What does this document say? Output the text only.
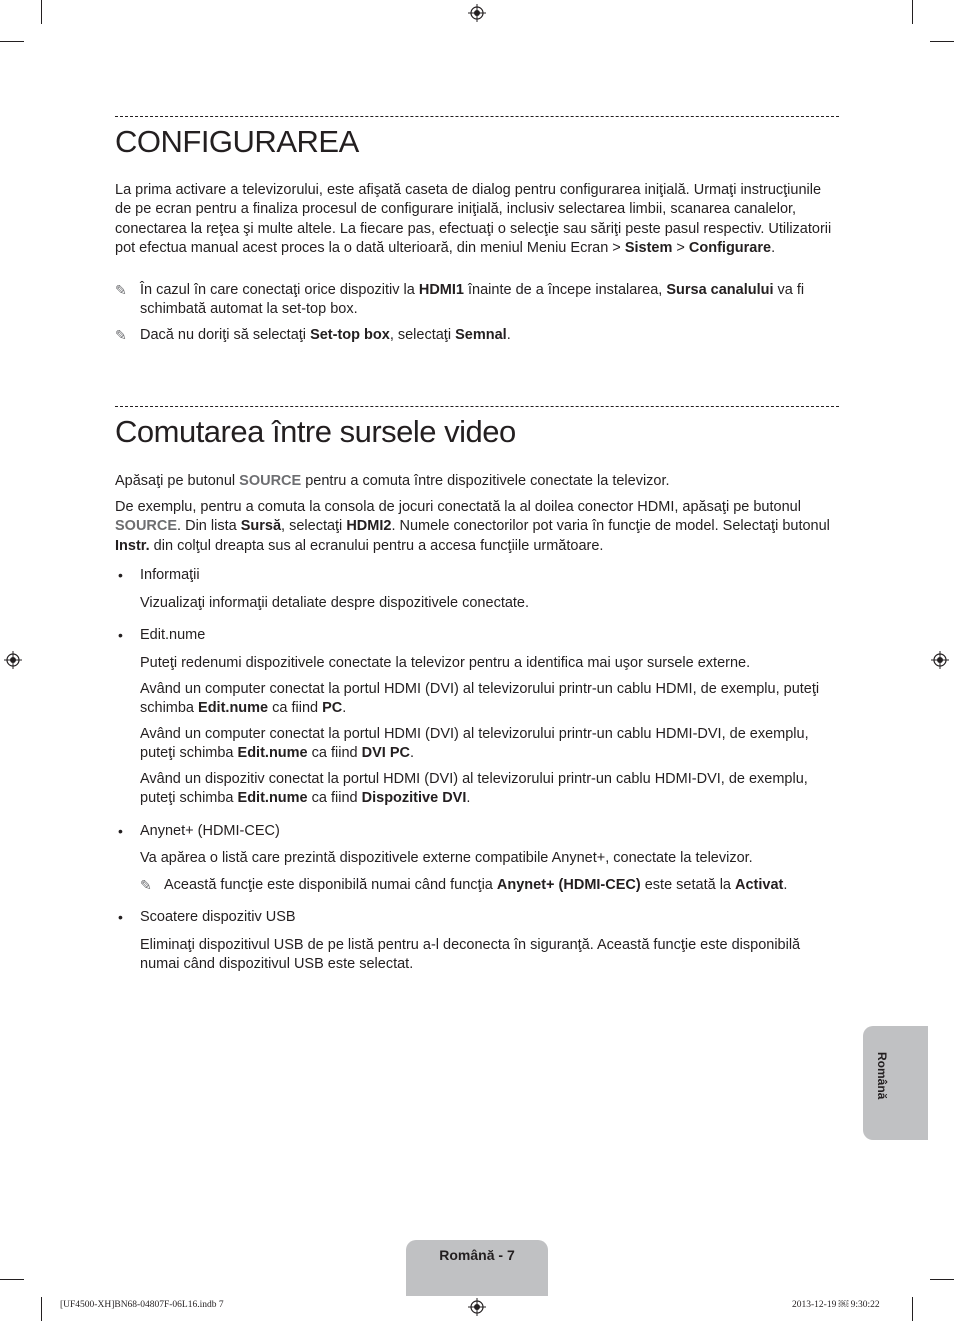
CONFIGURAREA

La prima activare a televizorului, este afişată caseta de dialog pentru configurarea iniţială. Urmaţi instrucţiunile de pe ecran pentru a finaliza procesul de configurare iniţială, inclusiv selectarea limbii, scanarea canalelor, conectarea la reţea şi multe altele. La fiecare pas, efectuaţi o selecţie sau săriţi peste pasul respectiv. Utilizatorii pot efectua manual acest proces la o dată ulterioară, din meniul Meniu Ecran > Sistem > Configurare.

✎ În cazul în care conectaţi orice dispozitiv la HDMI1 înainte de a începe instalarea, Sursa canalului va fi schimbată automat la set-top box.

✎ Dacă nu doriţi să selectaţi Set-top box, selectaţi Semnal.

Comutarea între sursele video

Apăsaţi pe butonul SOURCE pentru a comuta între dispozitivele conectate la televizor.

De exemplu, pentru a comuta la consola de jocuri conectată la al doilea conector HDMI, apăsaţi pe butonul SOURCE. Din lista Sursă, selectaţi HDMI2. Numele conectorilor pot varia în funcţie de model. Selectaţi butonul Instr. din colţul dreapta sus al ecranului pentru a accesa funcţiile următoare.

• Informaţii

Vizualizaţi informaţii detaliate despre dispozitivele conectate.

• Edit.nume

Puteţi redenumi dispozitivele conectate la televizor pentru a identifica mai uşor sursele externe.

Având un computer conectat la portul HDMI (DVI) al televizorului printr-un cablu HDMI, de exemplu, puteţi schimba Edit.nume ca fiind PC.

Având un computer conectat la portul HDMI (DVI) al televizorului printr-un cablu HDMI-DVI, de exemplu, puteţi schimba Edit.nume ca fiind DVI PC.

Având un dispozitiv conectat la portul HDMI (DVI) al televizorului printr-un cablu HDMI-DVI, de exemplu, puteţi schimba Edit.nume ca fiind Dispozitive DVI.

• Anynet+ (HDMI-CEC)

Va apărea o listă care prezintă dispozitivele externe compatibile Anynet+, conectate la televizor.

✎ Această funcţie este disponibilă numai când funcţia Anynet+ (HDMI-CEC) este setată la Activat.

• Scoatere dispozitiv USB

Eliminaţi dispozitivul USB de pe listă pentru a-l deconecta în siguranţă. Această funcţie este disponibilă numai când dispozitivul USB este selectat.

Română
Română - 7
[UF4500-XH]BN68-04807F-06L16.indb 7	2013-12-19 ￼ 9:30:22
